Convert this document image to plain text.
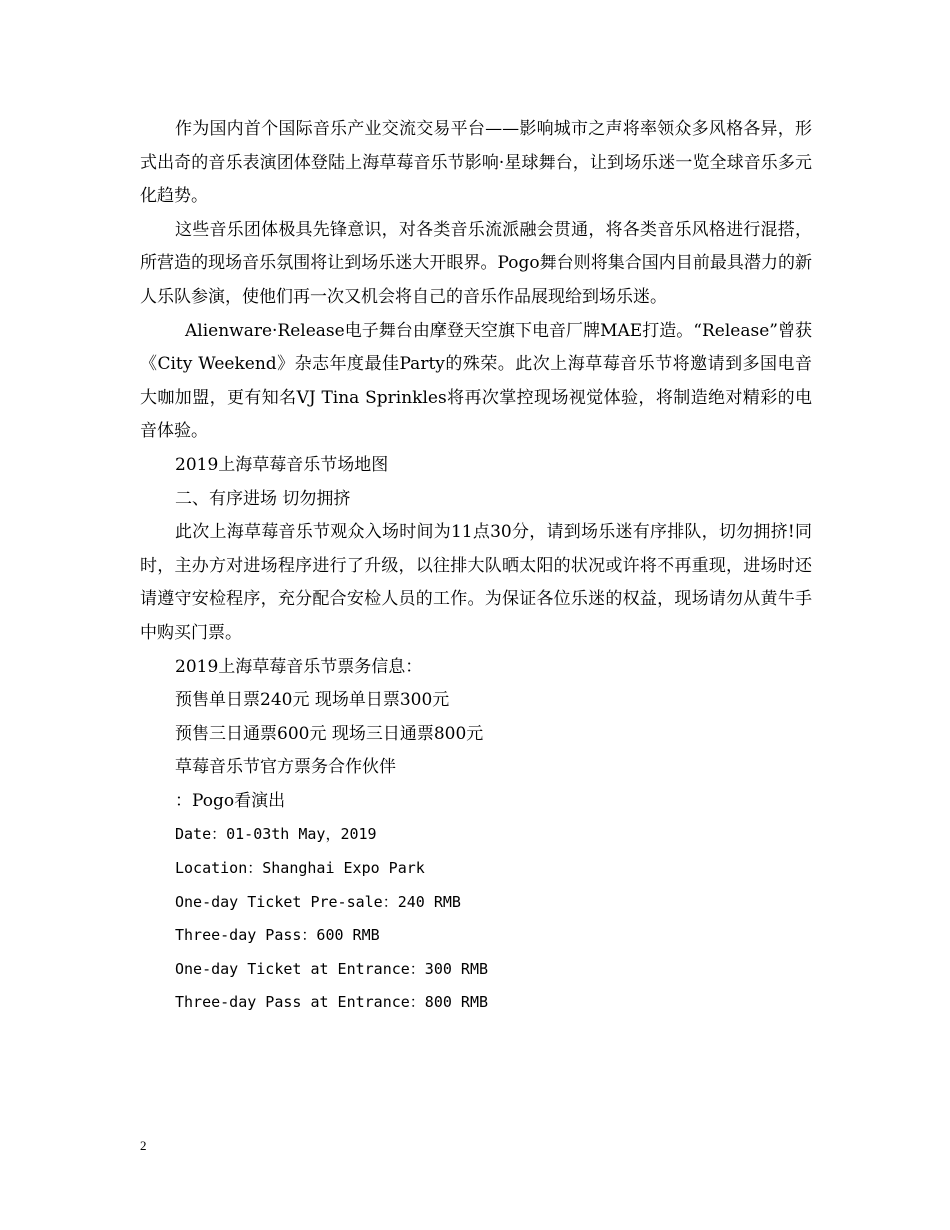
作为国内首个国际音乐产业交流交易平台——影响城市之声将率领众多风格各异，形式出奇的音乐表演团体登陆上海草莓音乐节影响·星球舞台，让到场乐迷一览全球音乐多元化趋势。

这些音乐团体极具先锋意识，对各类音乐流派融会贯通，将各类音乐风格进行混搭，所营造的现场音乐氛围将让到场乐迷大开眼界。Pogo舞台则将集合国内目前最具潜力的新人乐队参演，使他们再一次又机会将自己的音乐作品展现给到场乐迷。

Alienware·Release电子舞台由摩登天空旗下电音厂牌MAE打造。“Release”曾获《City Weekend》杂志年度最佳Party的殊荣。此次上海草莓音乐节将邀请到多国电音大咖加盟，更有知名VJ Tina Sprinkles将再次掌控现场视觉体验，将制造绝对精彩的电音体验。

2019上海草莓音乐节场地图

二、有序进场 切勿拥挤

此次上海草莓音乐节观众入场时间为11点30分，请到场乐迷有序排队，切勿拥挤!同时，主办方对进场程序进行了升级，以往排大队晒太阳的状况或许将不再重现，进场时还请遵守安检程序，充分配合安检人员的工作。为保证各位乐迷的权益，现场请勿从黄牛手中购买门票。

2019上海草莓音乐节票务信息：

预售单日票240元 现场单日票300元

预售三日通票600元 现场三日通票800元

草莓音乐节官方票务合作伙伴

：Pogo看演出

Date：01-03th May，2019

Location：Shanghai Expo Park

One-day Ticket Pre-sale：240 RMB

Three-day Pass：600 RMB

One-day Ticket at Entrance：300 RMB

Three-day Pass at Entrance：800 RMB

2
